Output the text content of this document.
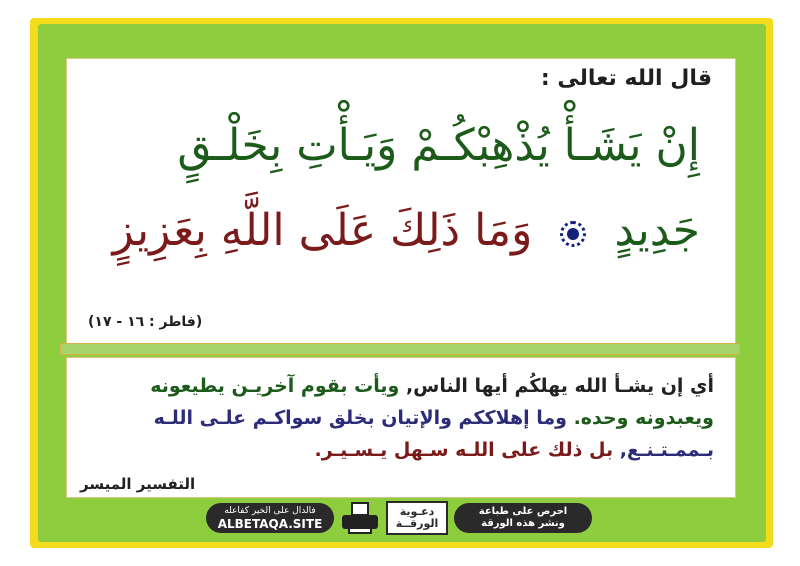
قال الله تعالى :
إِنْ يَشَـأْ يُذْهِبْكُـمْ وَيَـأْتِ بِخَلْـقٍ
جَدِيدٍ  وَمَا ذَلِكَ عَلَى اللَّهِ بِعَزِيزٍ
(فاطر : ١٦ - ١٧)
أي إن يشـأ الله يهلكُم أيها الناس, ويأت بقوم آخريـن يطيعونه ويعبدونه وحده. وما إهلاككم والإتيان بخلق سواكـم علـى اللـه بـممـتـنـع, بل ذلك على اللـه سـهل يـسـيـر.
التفسير الميسر
فالدال على الخير كفاعله
ALBETAQA.SITE
دعـوية
الورقــة
احرص على طباعة
ونشر هذه الورقة
